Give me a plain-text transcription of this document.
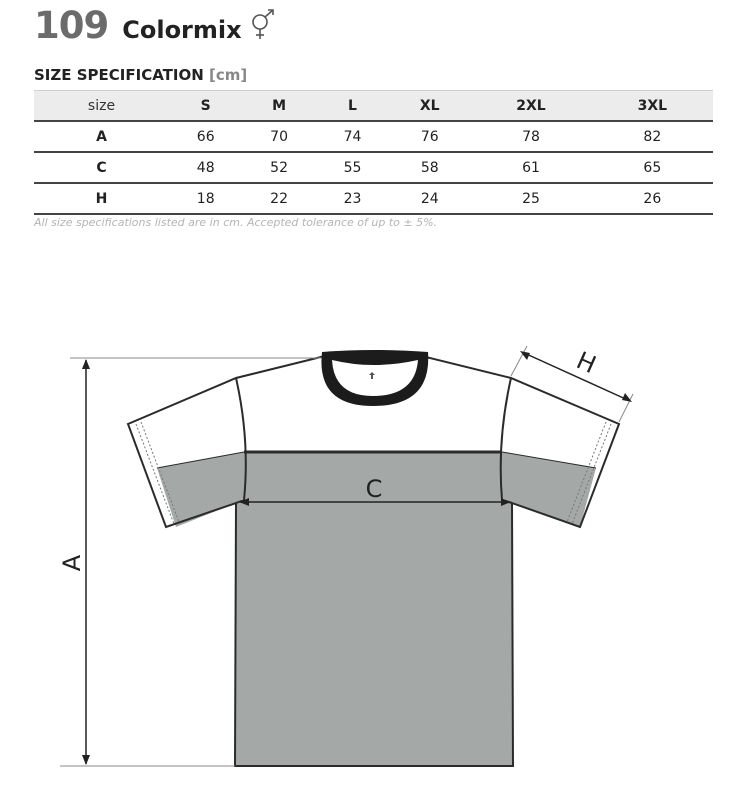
109 Colormix
SIZE SPECIFICATION [cm]
size	S	M	L	XL	2XL	3XL
A	66	70	74	76	78	82
C	48	52	55	58	61	65
H	18	22	23	24	25	26
All size specifications listed are in cm. Accepted tolerance of up to ± 5%.
A
C
H
